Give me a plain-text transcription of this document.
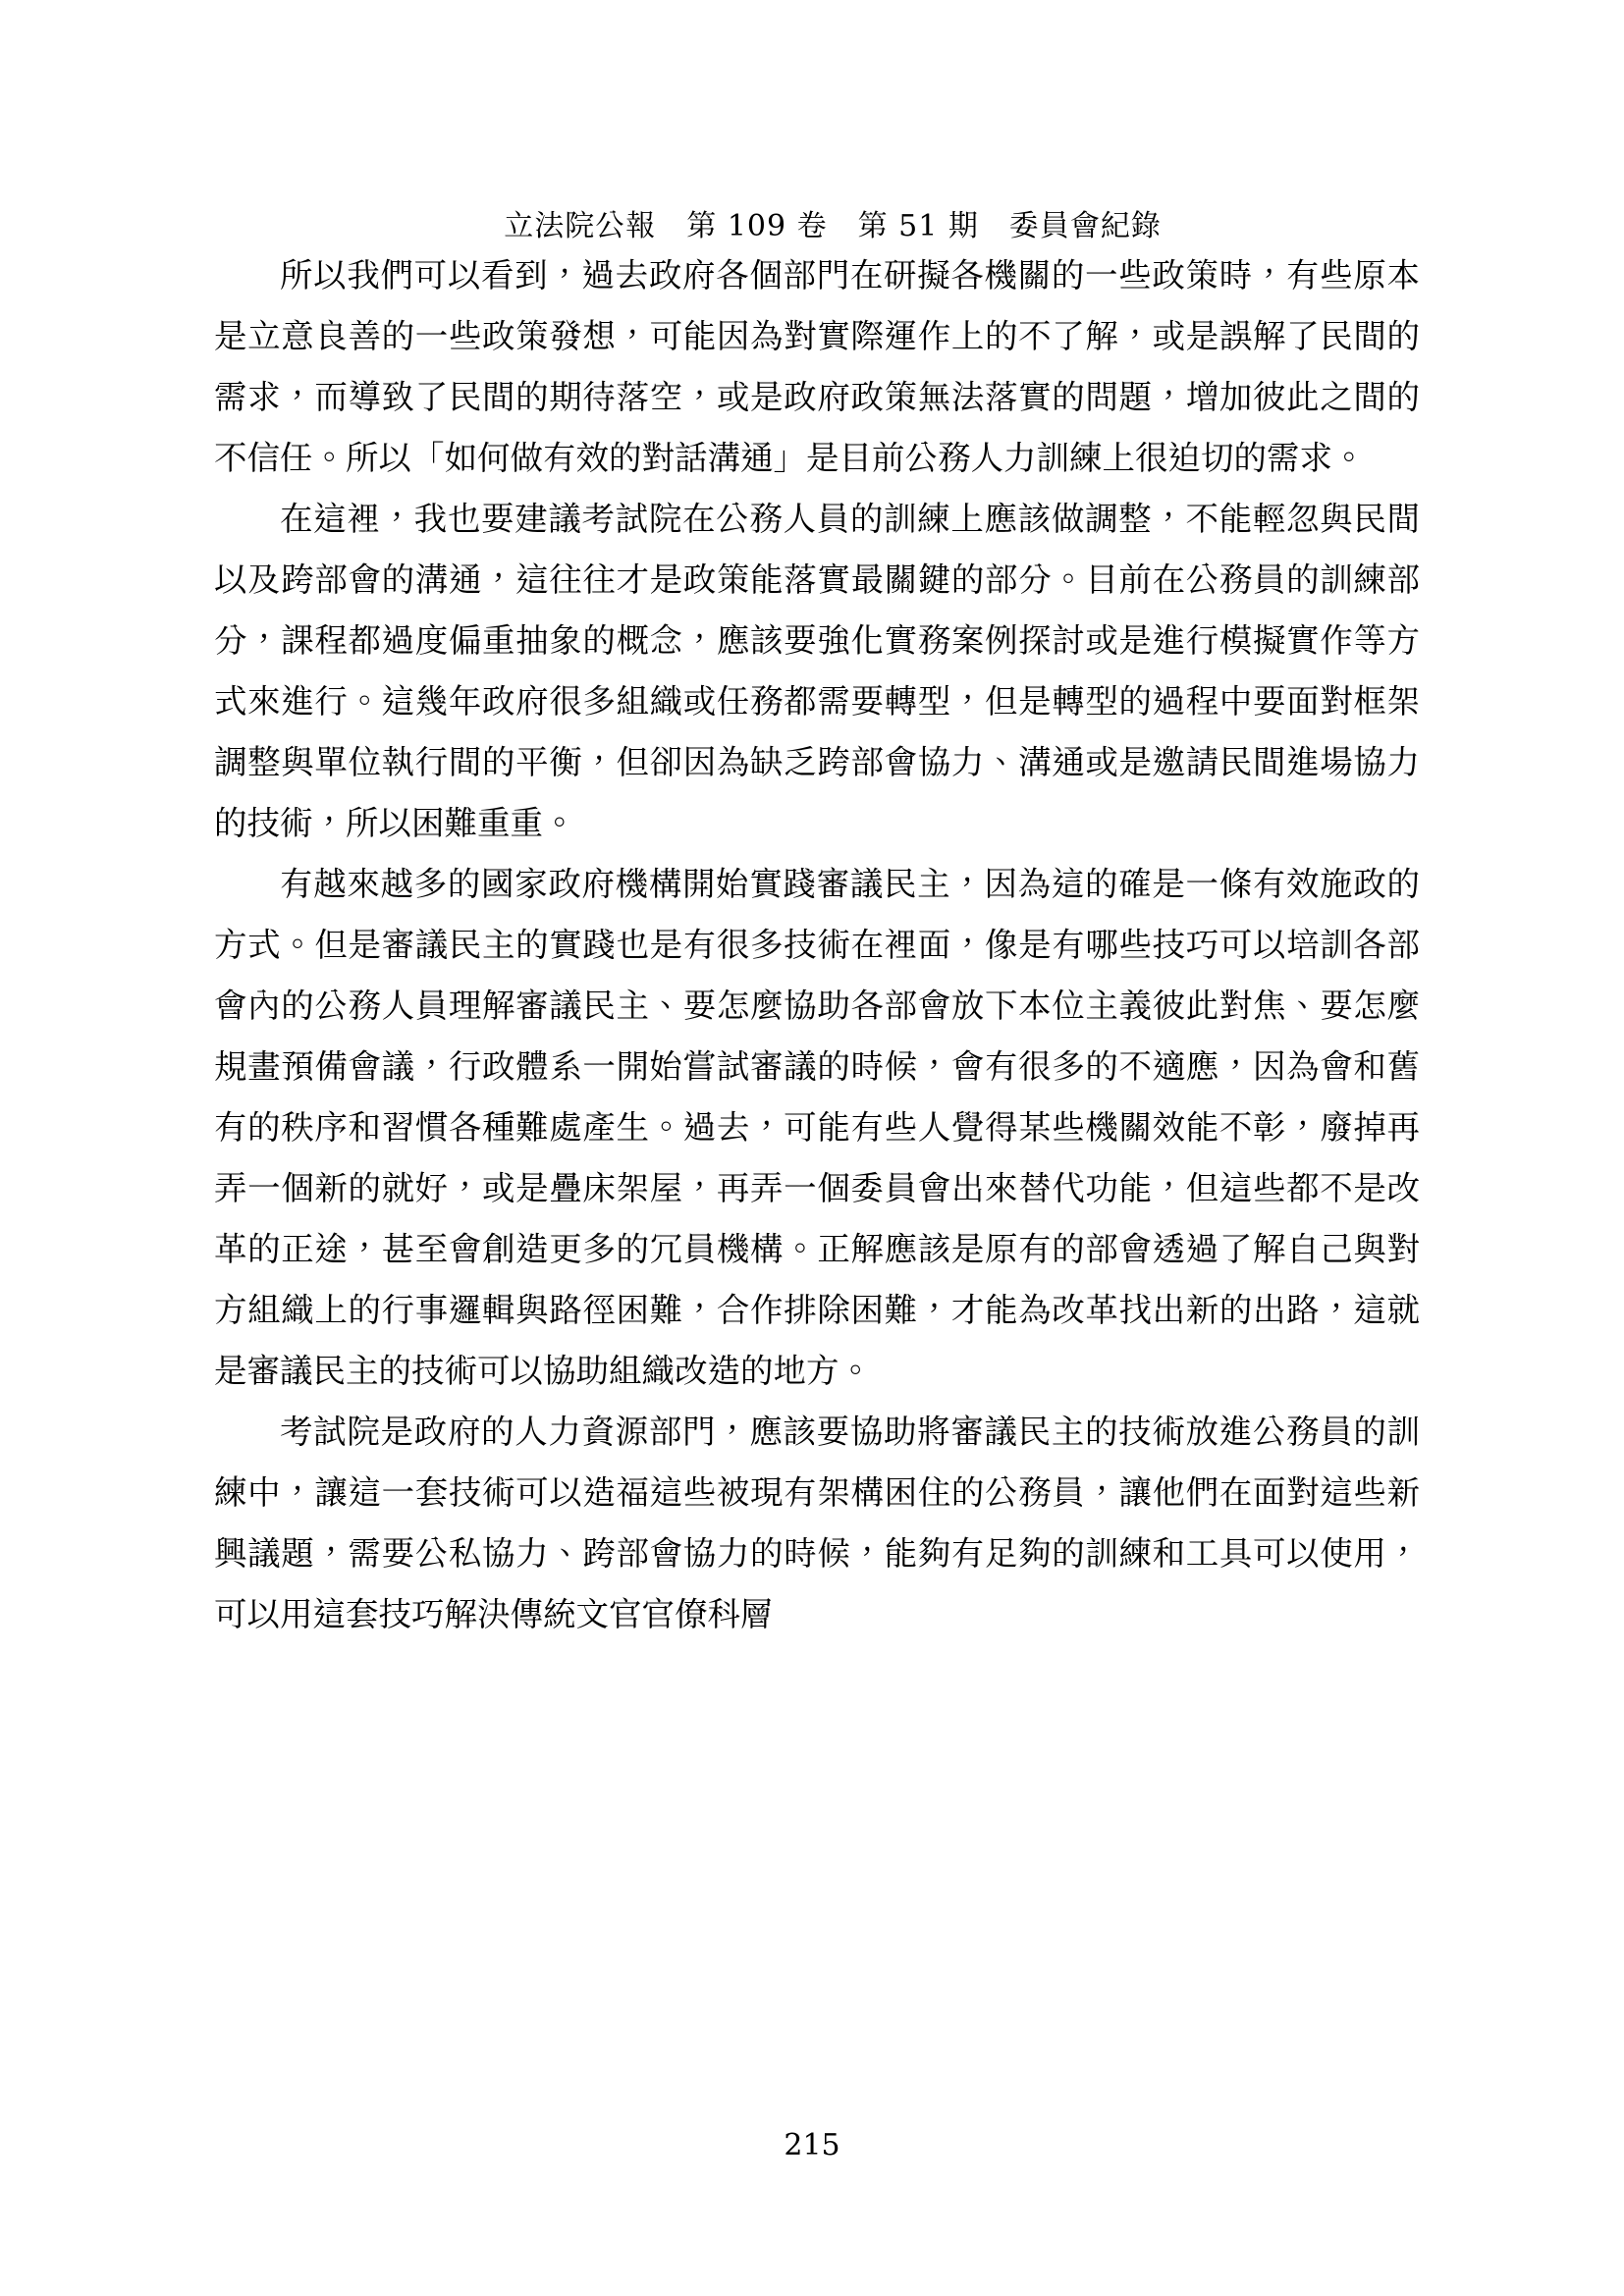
立法院公報　第 109 卷　第 51 期　委員會紀錄

所以我們可以看到，過去政府各個部門在研擬各機關的一些政策時，有些原本是立意良善的一些政策發想，可能因為對實際運作上的不了解，或是誤解了民間的需求，而導致了民間的期待落空，或是政府政策無法落實的問題，增加彼此之間的不信任。所以「如何做有效的對話溝通」是目前公務人力訓練上很迫切的需求。

在這裡，我也要建議考試院在公務人員的訓練上應該做調整，不能輕忽與民間以及跨部會的溝通，這往往才是政策能落實最關鍵的部分。目前在公務員的訓練部分，課程都過度偏重抽象的概念，應該要強化實務案例探討或是進行模擬實作等方式來進行。這幾年政府很多組織或任務都需要轉型，但是轉型的過程中要面對框架調整與單位執行間的平衡，但卻因為缺乏跨部會協力、溝通或是邀請民間進場協力的技術，所以困難重重。

有越來越多的國家政府機構開始實踐審議民主，因為這的確是一條有效施政的方式。但是審議民主的實踐也是有很多技術在裡面，像是有哪些技巧可以培訓各部會內的公務人員理解審議民主、要怎麼協助各部會放下本位主義彼此對焦、要怎麼規畫預備會議，行政體系一開始嘗試審議的時候，會有很多的不適應，因為會和舊有的秩序和習慣各種難處產生。過去，可能有些人覺得某些機關效能不彰，廢掉再弄一個新的就好，或是疊床架屋，再弄一個委員會出來替代功能，但這些都不是改革的正途，甚至會創造更多的冗員機構。正解應該是原有的部會透過了解自己與對方組織上的行事邏輯與路徑困難，合作排除困難，才能為改革找出新的出路，這就是審議民主的技術可以協助組織改造的地方。

考試院是政府的人力資源部門，應該要協助將審議民主的技術放進公務員的訓練中，讓這一套技術可以造福這些被現有架構困住的公務員，讓他們在面對這些新興議題，需要公私協力、跨部會協力的時候，能夠有足夠的訓練和工具可以使用，可以用這套技巧解決傳統文官官僚科層

215
